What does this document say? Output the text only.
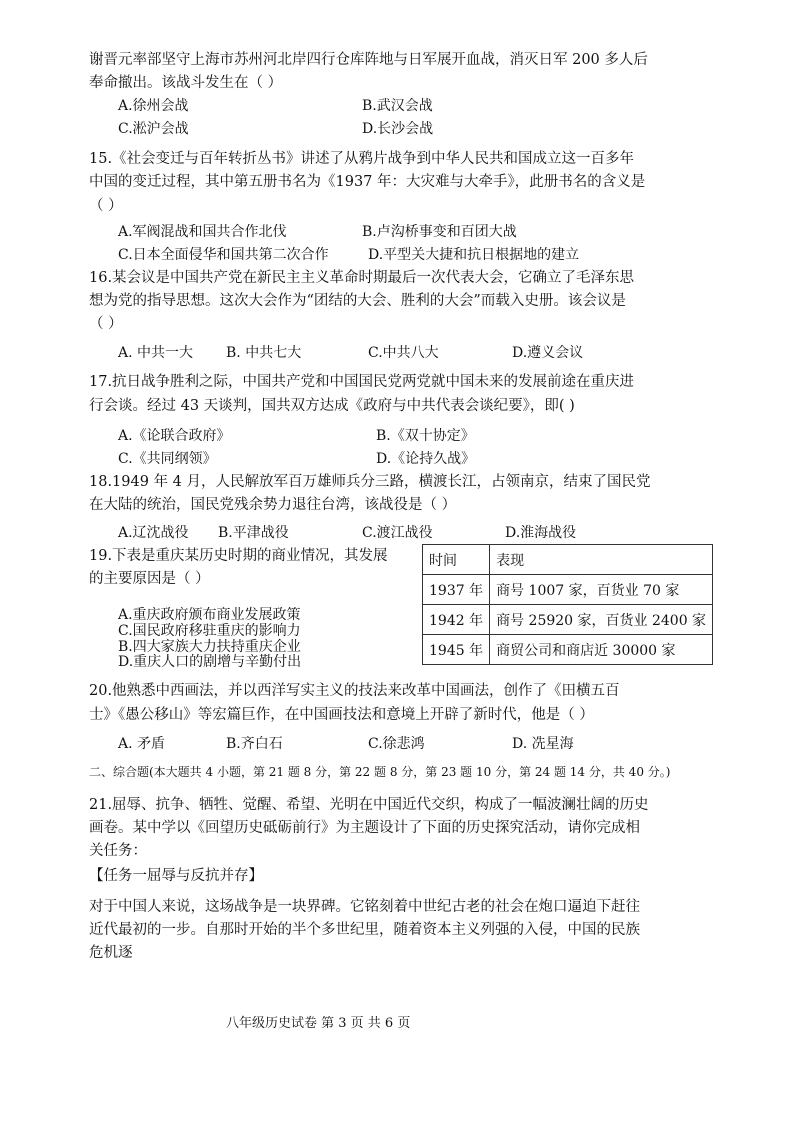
谢晋元率部坚守上海市苏州河北岸四行仓库阵地与日军展开血战，消灭日军 200 多人后
奉命撤出。该战斗发生在（ ）
A.徐州会战	B.武汉会战
C.淞沪会战	D.长沙会战
15.《社会变迁与百年转折丛书》讲述了从鸦片战争到中华人民共和国成立这一百多年
中国的变迁过程，其中第五册书名为《1937 年：大灾难与大牵手》，此册书名的含义是
（ ）
A.军阀混战和国共合作北伐	B.卢沟桥事变和百团大战
C.日本全面侵华和国共第二次合作	D.平型关大捷和抗日根据地的建立
16.某会议是中国共产党在新民主主义革命时期最后一次代表大会，它确立了毛泽东思
想为党的指导思想。这次大会作为“团结的大会、胜利的大会”而载入史册。该会议是
（ ）
A. 中共一大 B. 中共七大	C.中共八大	D.遵义会议
17.抗日战争胜利之际，中国共产党和中国国民党两党就中国未来的发展前途在重庆进
行会谈。经过 43 天谈判，国共双方达成《政府与中共代表会谈纪要》，即( )
A.《论联合政府》	B.《双十协定》
C.《共同纲领》	D.《论持久战》
18.1949 年 4 月，人民解放军百万雄师兵分三路，横渡长江，占领南京，结束了国民党
在大陆的统治，国民党残余势力退往台湾，该战役是（ ）
A.辽沈战役 B.平津战役	C.渡江战役	D.淮海战役
19.下表是重庆某历史时期的商业情况，其发展
的主要原因是（ ）
A.重庆政府颁布商业发展政策
C.国民政府移驻重庆的影响力
B.四大家族大力扶持重庆企业
D.重庆人口的剧增与辛勤付出
时间	表现
1937 年	商号 1007 家，百货业 70 家
1942 年	商号 25920 家，百货业 2400 家
1945 年	商贸公司和商店近 30000 家
20.他熟悉中西画法，并以西洋写实主义的技法来改革中国画法，创作了《田横五百
士》《愚公移山》等宏篇巨作，在中国画技法和意境上开辟了新时代，他是（ ）
A. 矛盾	B.齐白石	C.徐悲鸿	D. 冼星海
二、综合题(本大题共 4 小题，第 21 题 8 分，第 22 题 8 分，第 23 题 10 分，第 24 题 14 分，共 40 分。)
21.屈辱、抗争、牺牲、觉醒、希望、光明在中国近代交织，构成了一幅波澜壮阔的历史
画卷。某中学以《回望历史砥砺前行》为主题设计了下面的历史探究活动，请你完成相
关任务：
【任务一屈辱与反抗并存】
对于中国人来说，这场战争是一块界碑。它铭刻着中世纪古老的社会在炮口逼迫下赶往
近代最初的一步。自那时开始的半个多世纪里，随着资本主义列强的入侵，中国的民族
危机逐
八年级历史试卷 第 3 页 共 6 页
